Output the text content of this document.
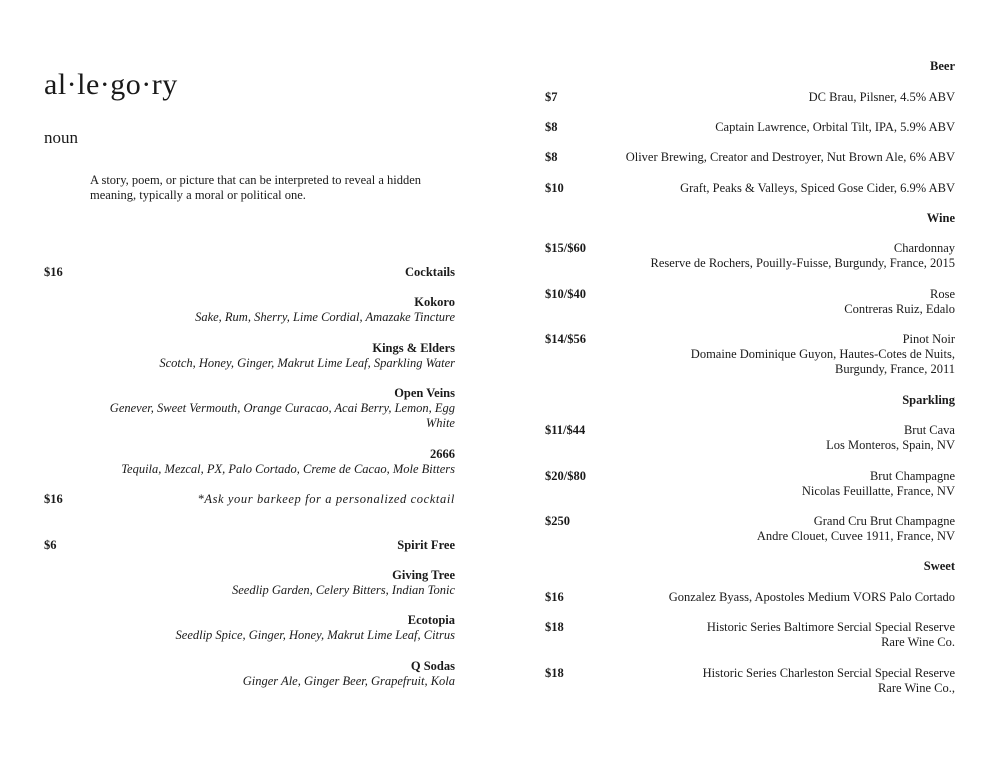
al·le·go·ry
noun
A story, poem, or picture that can be interpreted to reveal a hidden meaning, typically a moral or political one.
$16	Cocktails
Kokoro
Sake, Rum, Sherry, Lime Cordial, Amazake Tincture
Kings & Elders
Scotch, Honey, Ginger, Makrut Lime Leaf, Sparkling Water
Open Veins
Genever, Sweet Vermouth, Orange Curacao, Acai Berry, Lemon, Egg White
2666
Tequila, Mezcal, PX, Palo Cortado, Creme de Cacao, Mole Bitters
$16	*Ask your barkeep for a personalized cocktail
$6	Spirit Free
Giving Tree
Seedlip Garden, Celery Bitters, Indian Tonic
Ecotopia
Seedlip Spice, Ginger, Honey, Makrut Lime Leaf, Citrus
Q Sodas
Ginger Ale, Ginger Beer, Grapefruit, Kola
Beer
$7	DC Brau, Pilsner, 4.5% ABV
$8	Captain Lawrence, Orbital Tilt, IPA, 5.9% ABV
$8	Oliver Brewing, Creator and Destroyer, Nut Brown Ale, 6% ABV
$10	Graft, Peaks & Valleys, Spiced Gose Cider, 6.9% ABV
Wine
$15/$60	Chardonnay
Reserve de Rochers, Pouilly-Fuisse, Burgundy, France, 2015
$10/$40	Rose
Contreras Ruiz, Edalo
$14/$56	Pinot Noir
Domaine Dominique Guyon, Hautes-Cotes de Nuits,
Burgundy, France, 2011
Sparkling
$11/$44	Brut Cava
Los Monteros, Spain, NV
$20/$80	Brut Champagne
Nicolas Feuillatte, France, NV
$250	Grand Cru Brut Champagne
Andre Clouet, Cuvee 1911, France, NV
Sweet
$16	Gonzalez Byass, Apostoles Medium VORS Palo Cortado
$18	Historic Series Baltimore Sercial Special Reserve
Rare Wine Co.
$18	Historic Series Charleston Sercial Special Reserve
Rare Wine Co.,
